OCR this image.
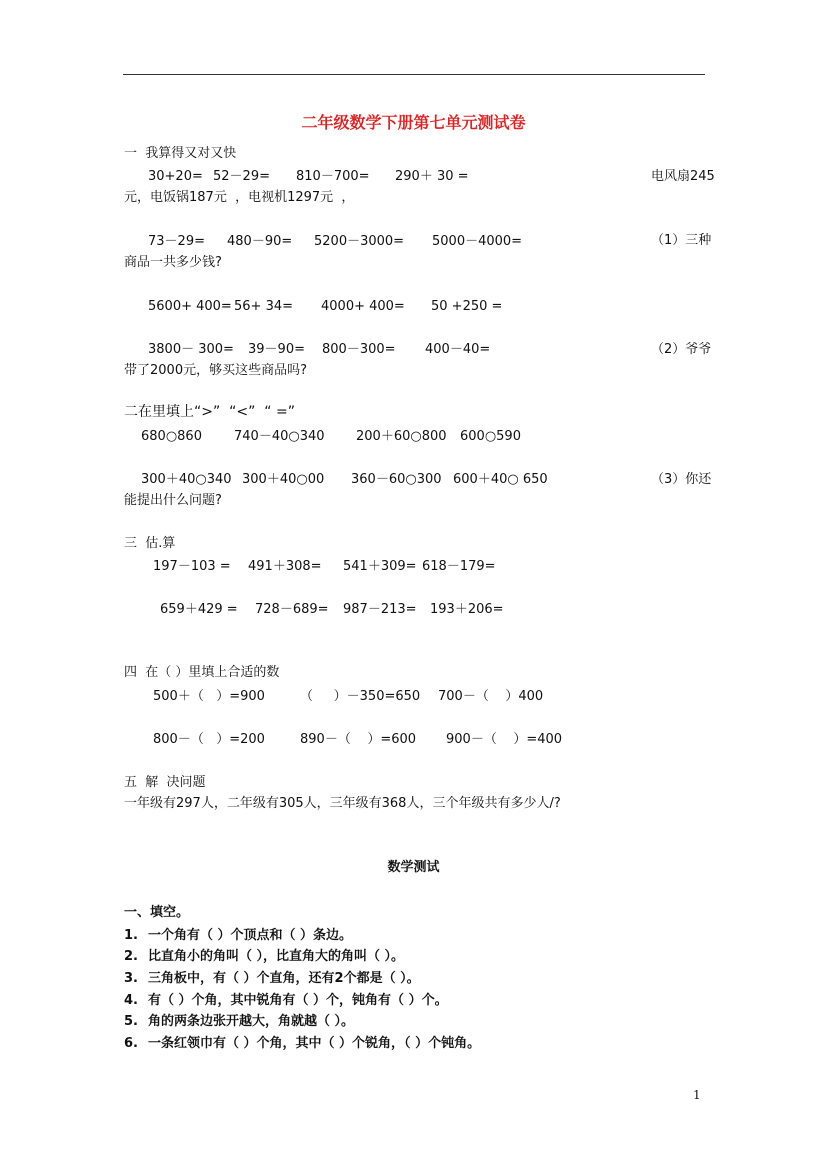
二年级数学下册第七单元测试卷
一  我算得又对又快
30+20= 52－29= 810－700= 290＋ 30 =	电风扇245
元，电饭锅187元  ，电视机1297元  ，
73－29= 480－90= 5200－3000= 5000－4000=	（1）三种
商品一共多少钱?
5600+ 400= 56+ 34= 4000+ 400= 50 +250 =
3800－ 300= 39－90= 800－300= 400－40=	（2）爷爷
带了2000元，够买这些商品吗?
二在里填上“>”  “<”  “ =”
680○860 740－40○340 200＋60○800 600○590
300＋40○340 300＋40○00 360－60○300 600＋40○ 650	（3）你还
能提出什么问题?
三  估.算
197－103 = 491＋308= 541＋309= 618－179=
659＋429 = 728－689= 987－213= 193＋206=
四  在（ ）里填上合适的数
500＋（   ）=900	（     ）－350=650 700－（    ）400
800－（   ）=200	890－（    ）=600 900－（    ）=400
五  解  决问题
一年级有297人，二年级有305人，三年级有368人，三个年级共有多少人/?
数学测试
一、填空。
1. 一个角有（ ）个顶点和（ ）条边。
2. 比直角小的角叫（ ），比直角大的角叫（ ）。
3. 三角板中，有（ ）个直角，还有2个都是（ ）。
4. 有（ ）个角，其中锐角有（ ）个，钝角有（ ）个。
5. 角的两条边张开越大，角就越（ ）。
6. 一条红领巾有（ ）个角，其中（ ）个锐角，（ ）个钝角。
1
